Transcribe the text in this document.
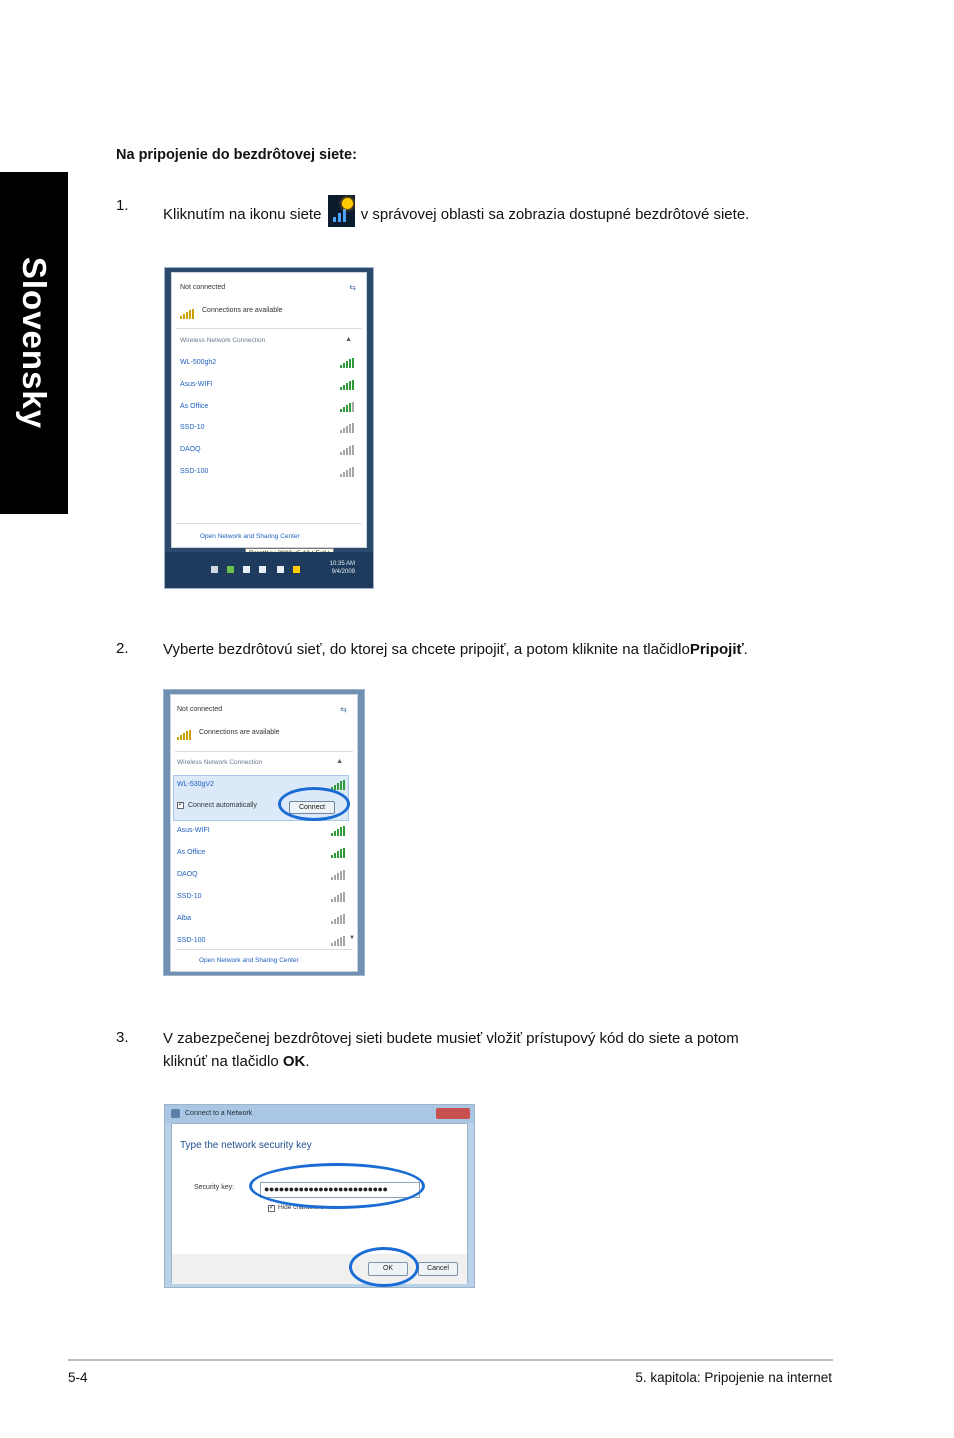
Slovensky
Na pripojenie do bezdrôtovej siete:
1.
Kliknutím na ikonu siete	v správovej oblasti sa zobrazia dostupné bezdrôtové siete.
Not connected	⇆
Connections are available
Wireless Network Connection	▲
WL-500gh2
Asus-WIFI
As Office
SSD-10
DAOQ
SSD-100
Open Network and Sharing Center
10:35 AM
9/4/2009
2. Vyberte bezdrôtovú sieť, do ktorej sa chcete pripojiť, a potom kliknite na tlačidloPripojiť.
Not connected	⇆
Connections are available
Wireless Network Connection	▲
WL-530gV2
✓ Connect automatically	Connect
Asus-WIFI
As Office
DAOQ
SSD-10
Alba
SSD-100	▼
Open Network and Sharing Center
3. V zabezpečenej bezdrôtovej sieti budete musieť vložiť prístupový kód do siete a potom
kliknúť na tlačidlo OK.
Connect to a Network
Type the network security key
Security key:	●●●●●●●●●●●●●●●●●●●●●●●●●
✓ Hide characters
OK	Cancel
5-4	5. kapitola: Pripojenie na internet
